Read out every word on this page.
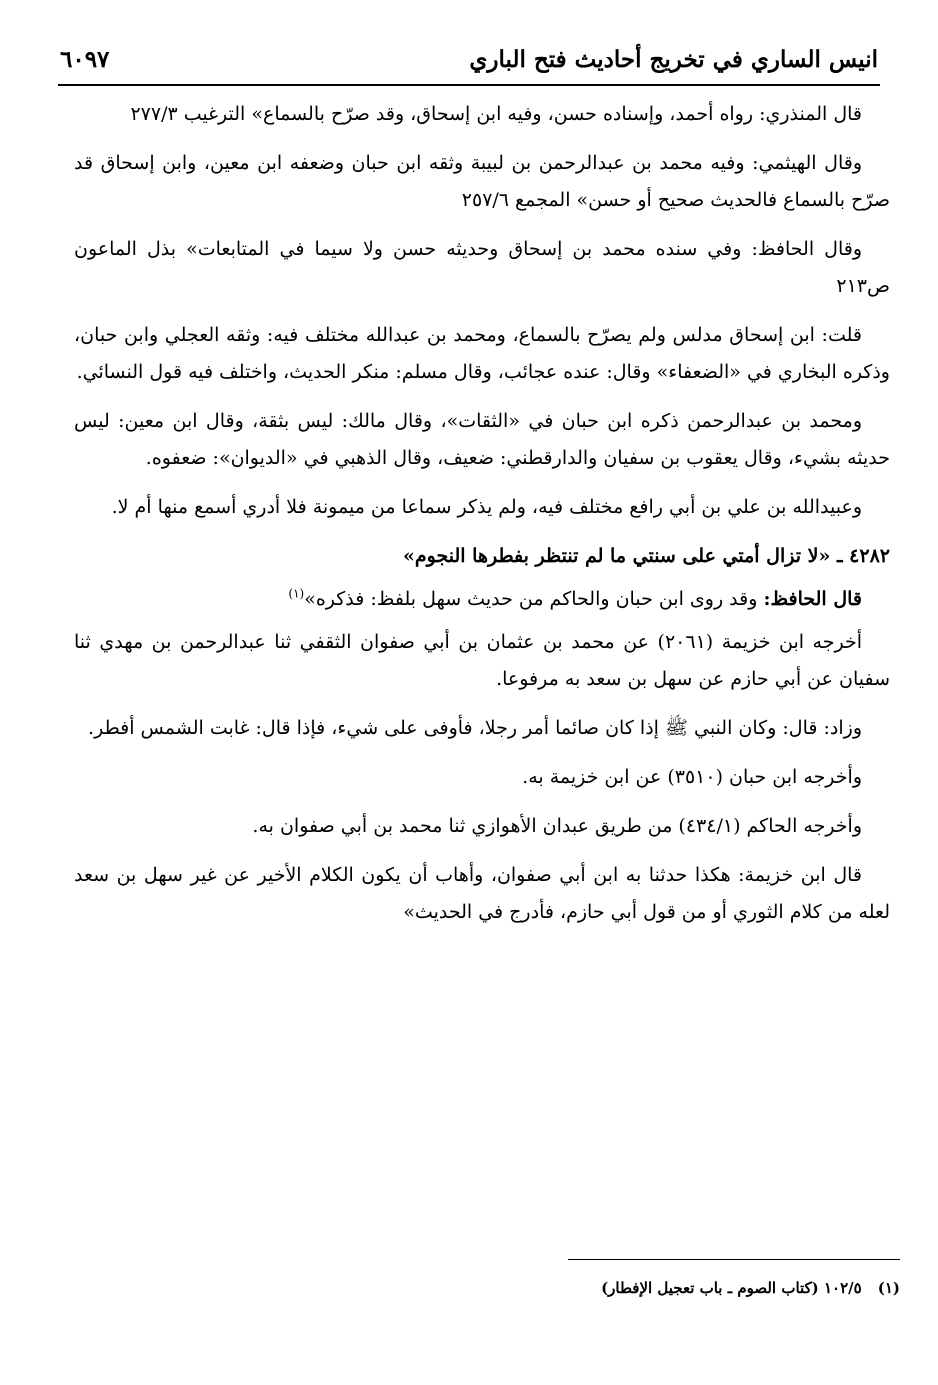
انيس الساري في تخريج أحاديث فتح الباري
٦٠٩٧

قال المنذري: رواه أحمد، وإسناده حسن، وفيه ابن إسحاق، وقد صرّح بالسماع» الترغيب ٢٧٧/٣

وقال الهيثمي: وفيه محمد بن عبدالرحمن بن لبيبة وثقه ابن حبان وضعفه ابن معين، وابن إسحاق قد صرّح بالسماع فالحديث صحيح أو حسن» المجمع ٢٥٧/٦

وقال الحافظ: وفي سنده محمد بن إسحاق وحديثه حسن ولا سيما في المتابعات» بذل الماعون ص٢١٣

قلت: ابن إسحاق مدلس ولم يصرّح بالسماع، ومحمد بن عبدالله مختلف فيه: وثقه العجلي وابن حبان، وذكره البخاري في «الضعفاء» وقال: عنده عجائب، وقال مسلم: منكر الحديث، واختلف فيه قول النسائي.

ومحمد بن عبدالرحمن ذكره ابن حبان في «الثقات»، وقال مالك: ليس بثقة، وقال ابن معين: ليس حديثه بشيء، وقال يعقوب بن سفيان والدارقطني: ضعيف، وقال الذهبي في «الديوان»: ضعفوه.

وعبيدالله بن علي بن أبي رافع مختلف فيه، ولم يذكر سماعا من ميمونة فلا أدري أسمع منها أم لا.

٤٢٨٢ ـ «لا تزال أمتي على سنتي ما لم تنتظر بفطرها النجوم»

قال الحافظ: وقد روى ابن حبان والحاكم من حديث سهل بلفظ: فذكره»$^{(١)}$

أخرجه ابن خزيمة (٢٠٦١) عن محمد بن عثمان بن أبي صفوان الثقفي ثنا عبدالرحمن بن مهدي ثنا سفيان عن أبي حازم عن سهل بن سعد به مرفوعا.

وزاد: قال: وكان النبي ﷺ إذا كان صائما أمر رجلا، فأوفى على شيء، فإذا قال: غابت الشمس أفطر.

وأخرجه ابن حبان (٣٥١٠) عن ابن خزيمة به.

وأخرجه الحاكم (٤٣٤/١) من طريق عبدان الأهوازي ثنا محمد بن أبي صفوان به.

قال ابن خزيمة: هكذا حدثنا به ابن أبي صفوان، وأهاب أن يكون الكلام الأخير عن غير سهل بن سعد لعله من كلام الثوري أو من قول أبي حازم، فأدرج في الحديث»

(١)١٠٢/٥ (كتاب الصوم ـ باب تعجيل الإفطار)
